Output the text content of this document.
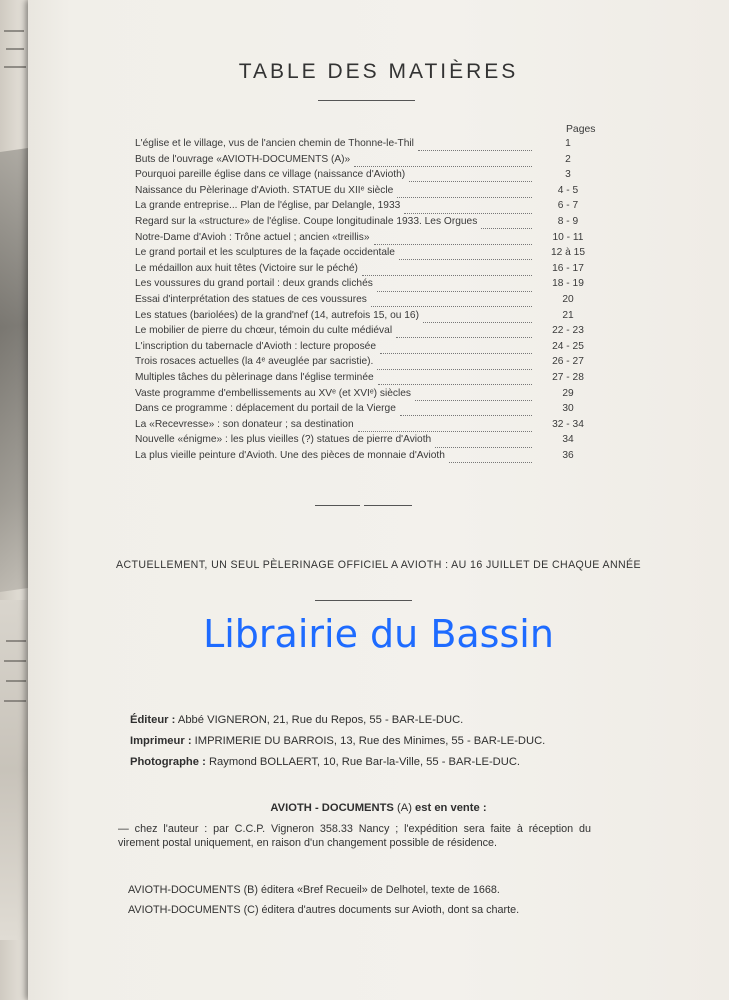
TABLE DES MATIÈRES
Pages
L'église et le village, vus de l'ancien chemin de Thonne-le-Thil	1
Buts de l'ouvrage «AVIOTH-DOCUMENTS (A)»	2
Pourquoi pareille église dans ce village (naissance d'Avioth)	3
Naissance du Pèlerinage d'Avioth. STATUE du XIIᵉ siècle	4 - 5
La grande entreprise... Plan de l'église, par Delangle, 1933	6 - 7
Regard sur la «structure» de l'église. Coupe longitudinale 1933. Les Orgues	8 - 9
Notre-Dame d'Avioh : Trône actuel ; ancien «treillis»	10 - 11
Le grand portail et les sculptures de la façade occidentale	12 à 15
Le médaillon aux huit têtes (Victoire sur le péché)	16 - 17
Les voussures du grand portail : deux grands clichés	18 - 19
Essai d'interprétation des statues de ces voussures	20
Les statues (bariolées) de la grand'nef (14, autrefois 15, ou 16)	21
Le mobilier de pierre du chœur, témoin du culte médiéval	22 - 23
L'inscription du tabernacle d'Avioth : lecture proposée	24 - 25
Trois rosaces actuelles (la 4ᵉ aveuglée par sacristie).	26 - 27
Multiples tâches du pèlerinage dans l'église terminée	27 - 28
Vaste programme d'embellissements au XVᵉ (et XVIᵉ) siècles	29
Dans ce programme : déplacement du portail de la Vierge	30
La «Recevresse» : son donateur ; sa destination	32 - 34
Nouvelle «énigme» : les plus vieilles (?) statues de pierre d'Avioth	34
La plus vieille peinture d'Avioth. Une des pièces de monnaie d'Avioth	36
ACTUELLEMENT, UN SEUL PÈLERINAGE OFFICIEL A AVIOTH : AU 16 JUILLET DE CHAQUE ANNÉE
Librairie du Bassin
Éditeur : Abbé VIGNERON, 21, Rue du Repos, 55 - BAR-LE-DUC.
Imprimeur : IMPRIMERIE DU BARROIS, 13, Rue des Minimes, 55 - BAR-LE-DUC.
Photographe : Raymond BOLLAERT, 10, Rue Bar-la-Ville, 55 - BAR-LE-DUC.
AVIOTH - DOCUMENTS (A) est en vente :
— chez l'auteur : par C.C.P. Vigneron 358.33 Nancy ; l'expédition sera faite à réception du virement postal uniquement, en raison d'un changement possible de résidence.
AVIOTH-DOCUMENTS (B) éditera «Bref Recueil» de Delhotel, texte de 1668.
AVIOTH-DOCUMENTS (C) éditera d'autres documents sur Avioth, dont sa charte.
